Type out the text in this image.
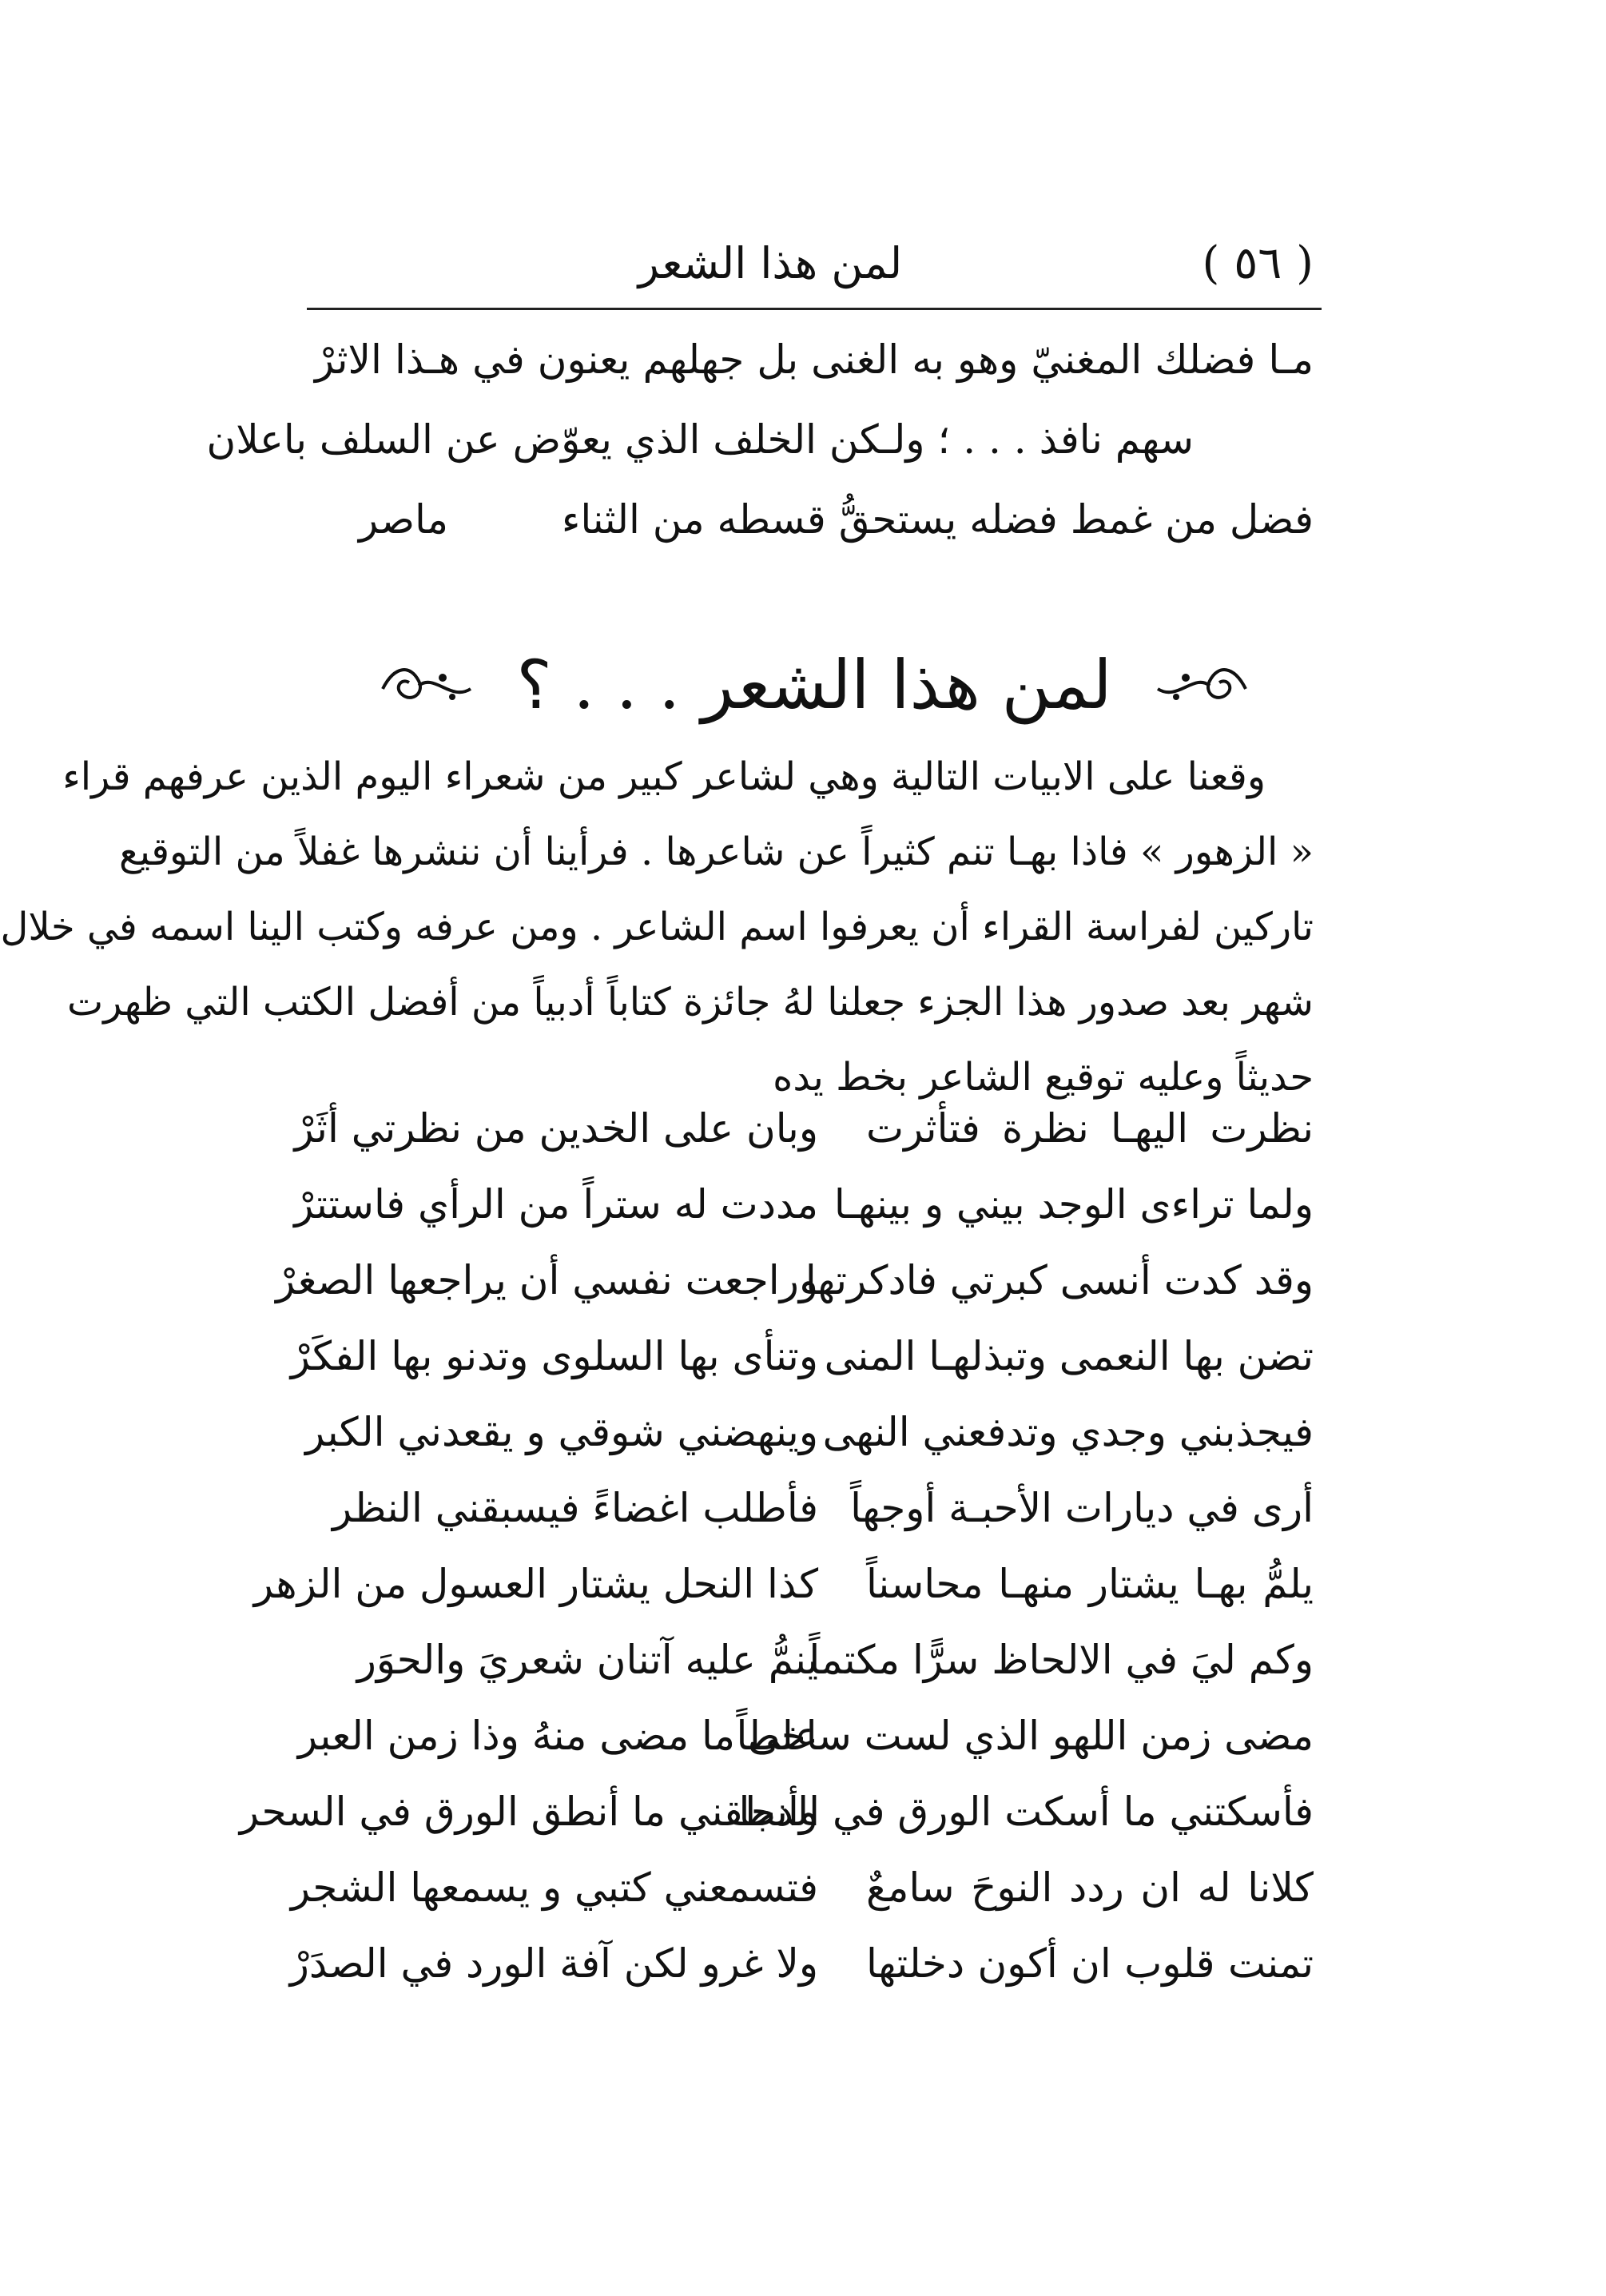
( ٥٦ )
لمن هذا الشعر
مـا فضلك المغنيّ وهو به الغنى بل جهلهم يعنون في هـذا الاثرْ
سهم نافذ . . . ؛ ولـكن الخلف الذي يعوّض عن السلف باعلان
فضل من غمط فضله يستحقُّ قسطه من الثناء
ماصر
لمن هذا الشعر . . . ؟
وقعنا على الابيات التالية وهي لشاعر كبير من شعراء اليوم الذين عرفهم قراء
« الزهور » فاذا بهـا تنم كثيراً عن شاعرها . فرأينا أن ننشرها غفلاً من التوقيع
تاركين لفراسة القراء أن يعرفوا اسم الشاعر . ومن عرفه وكتب الينا اسمه في خلال
شهر بعد صدور هذا الجزء جعلنا لهُ جائزة كتاباً أدبياً من أفضل الكتب التي ظهرت
حديثاً وعليه توقيع الشاعر بخط يده
نظرت اليهـا نظرة فتأثرت
وبان على الخدين من نظرتي أثَرْ
ولما تراءى الوجد بيني و بينهـا
مددت له ستراً من الرأي فاستترْ
وقد كدت أنسى كبرتي فادكرتها
وراجعت نفسي أن يراجعها الصغرْ
تضن بها النعمى وتبذلهـا المنى
وتنأى بها السلوى وتدنو بها الفكَرْ
فيجذبني وجدي وتدفعني النهى
وينهضني شوقي و يقعدني الكبر
أرى في ديارات الأحبـة أوجهاً
فأطلب اغضاءً فيسبقني النظر
يلمُّ بهـا يشتار منهـا محاسناً
كذا النحل يشتار العسول من الزهر
وكم ليَ في الالحاظ سرًّا مكتماً
ينمُّ عليه آتنان شعريَ والحوَر
مضى زمن اللهو الذي لست ساخطاً
على ما مضى منهُ وذا زمن العبر
فأسكتني ما أسكت الورق في الدجا
وأنطقني ما أنطق الورق في السحر
كلانا له ان ردد النوحَ سامعٌ
فتسمعني كتبي و يسمعها الشجر
تمنت قلوب ان أكون دخلتها
ولا غرو لكن آفة الورد في الصدَرْ
